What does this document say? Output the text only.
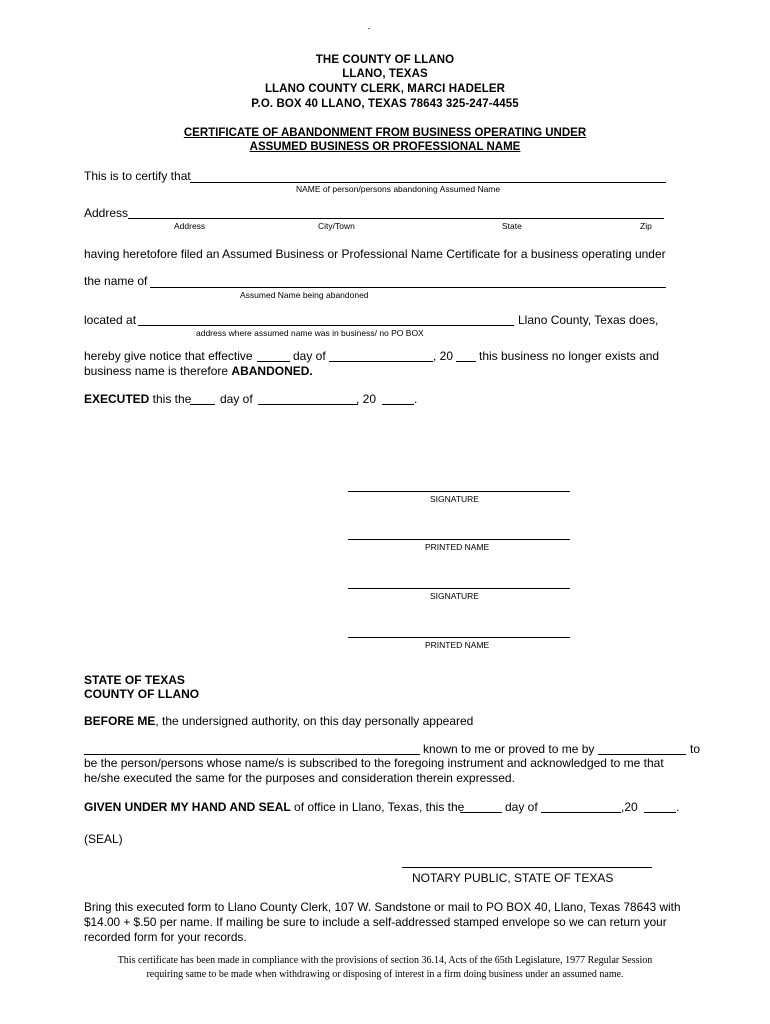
THE COUNTY OF LLANO
LLANO, TEXAS
LLANO COUNTY CLERK, MARCI HADELER
P.O. BOX 40 LLANO, TEXAS 78643 325-247-4455
CERTIFICATE OF ABANDONMENT FROM BUSINESS OPERATING UNDER
ASSUMED BUSINESS OR PROFESSIONAL NAME
This is to certify that
NAME of person/persons abandoning Assumed Name
Address
Address	City/Town	State	Zip
having heretofore filed an Assumed Business or Professional Name Certificate for a business operating under
the name of
Assumed Name being abandoned
located at	Llano County, Texas does,
address where assumed name was in business/ no PO BOX
hereby give notice that effective	day of	, 20 this business no longer exists and
business name is therefore ABANDONED.
EXECUTED this the day of	, 20	.
SIGNATURE
PRINTED NAME
SIGNATURE
PRINTED NAME
STATE OF TEXAS
COUNTY OF LLANO
BEFORE ME, the undersigned authority, on this day personally appeared
known to me or proved to me by	to
be the person/persons whose name/s is subscribed to the foregoing instrument and acknowledged to me that
he/she executed the same for the purposes and consideration therein expressed.
GIVEN UNDER MY HAND AND SEAL of office in Llano, Texas, this the	day of	,20	.
(SEAL)
NOTARY PUBLIC, STATE OF TEXAS
Bring this executed form to Llano County Clerk, 107 W. Sandstone or mail to PO BOX 40, Llano, Texas 78643 with
$14.00 + $.50 per name. If mailing be sure to include a self-addressed stamped envelope so we can return your
recorded form for your records.
This certificate has been made in compliance with the provisions of section 36.14, Acts of the 65th Legislature, 1977 Regular Session
requiring same to be made when withdrawing or disposing of interest in a firm doing business under an assumed name.
